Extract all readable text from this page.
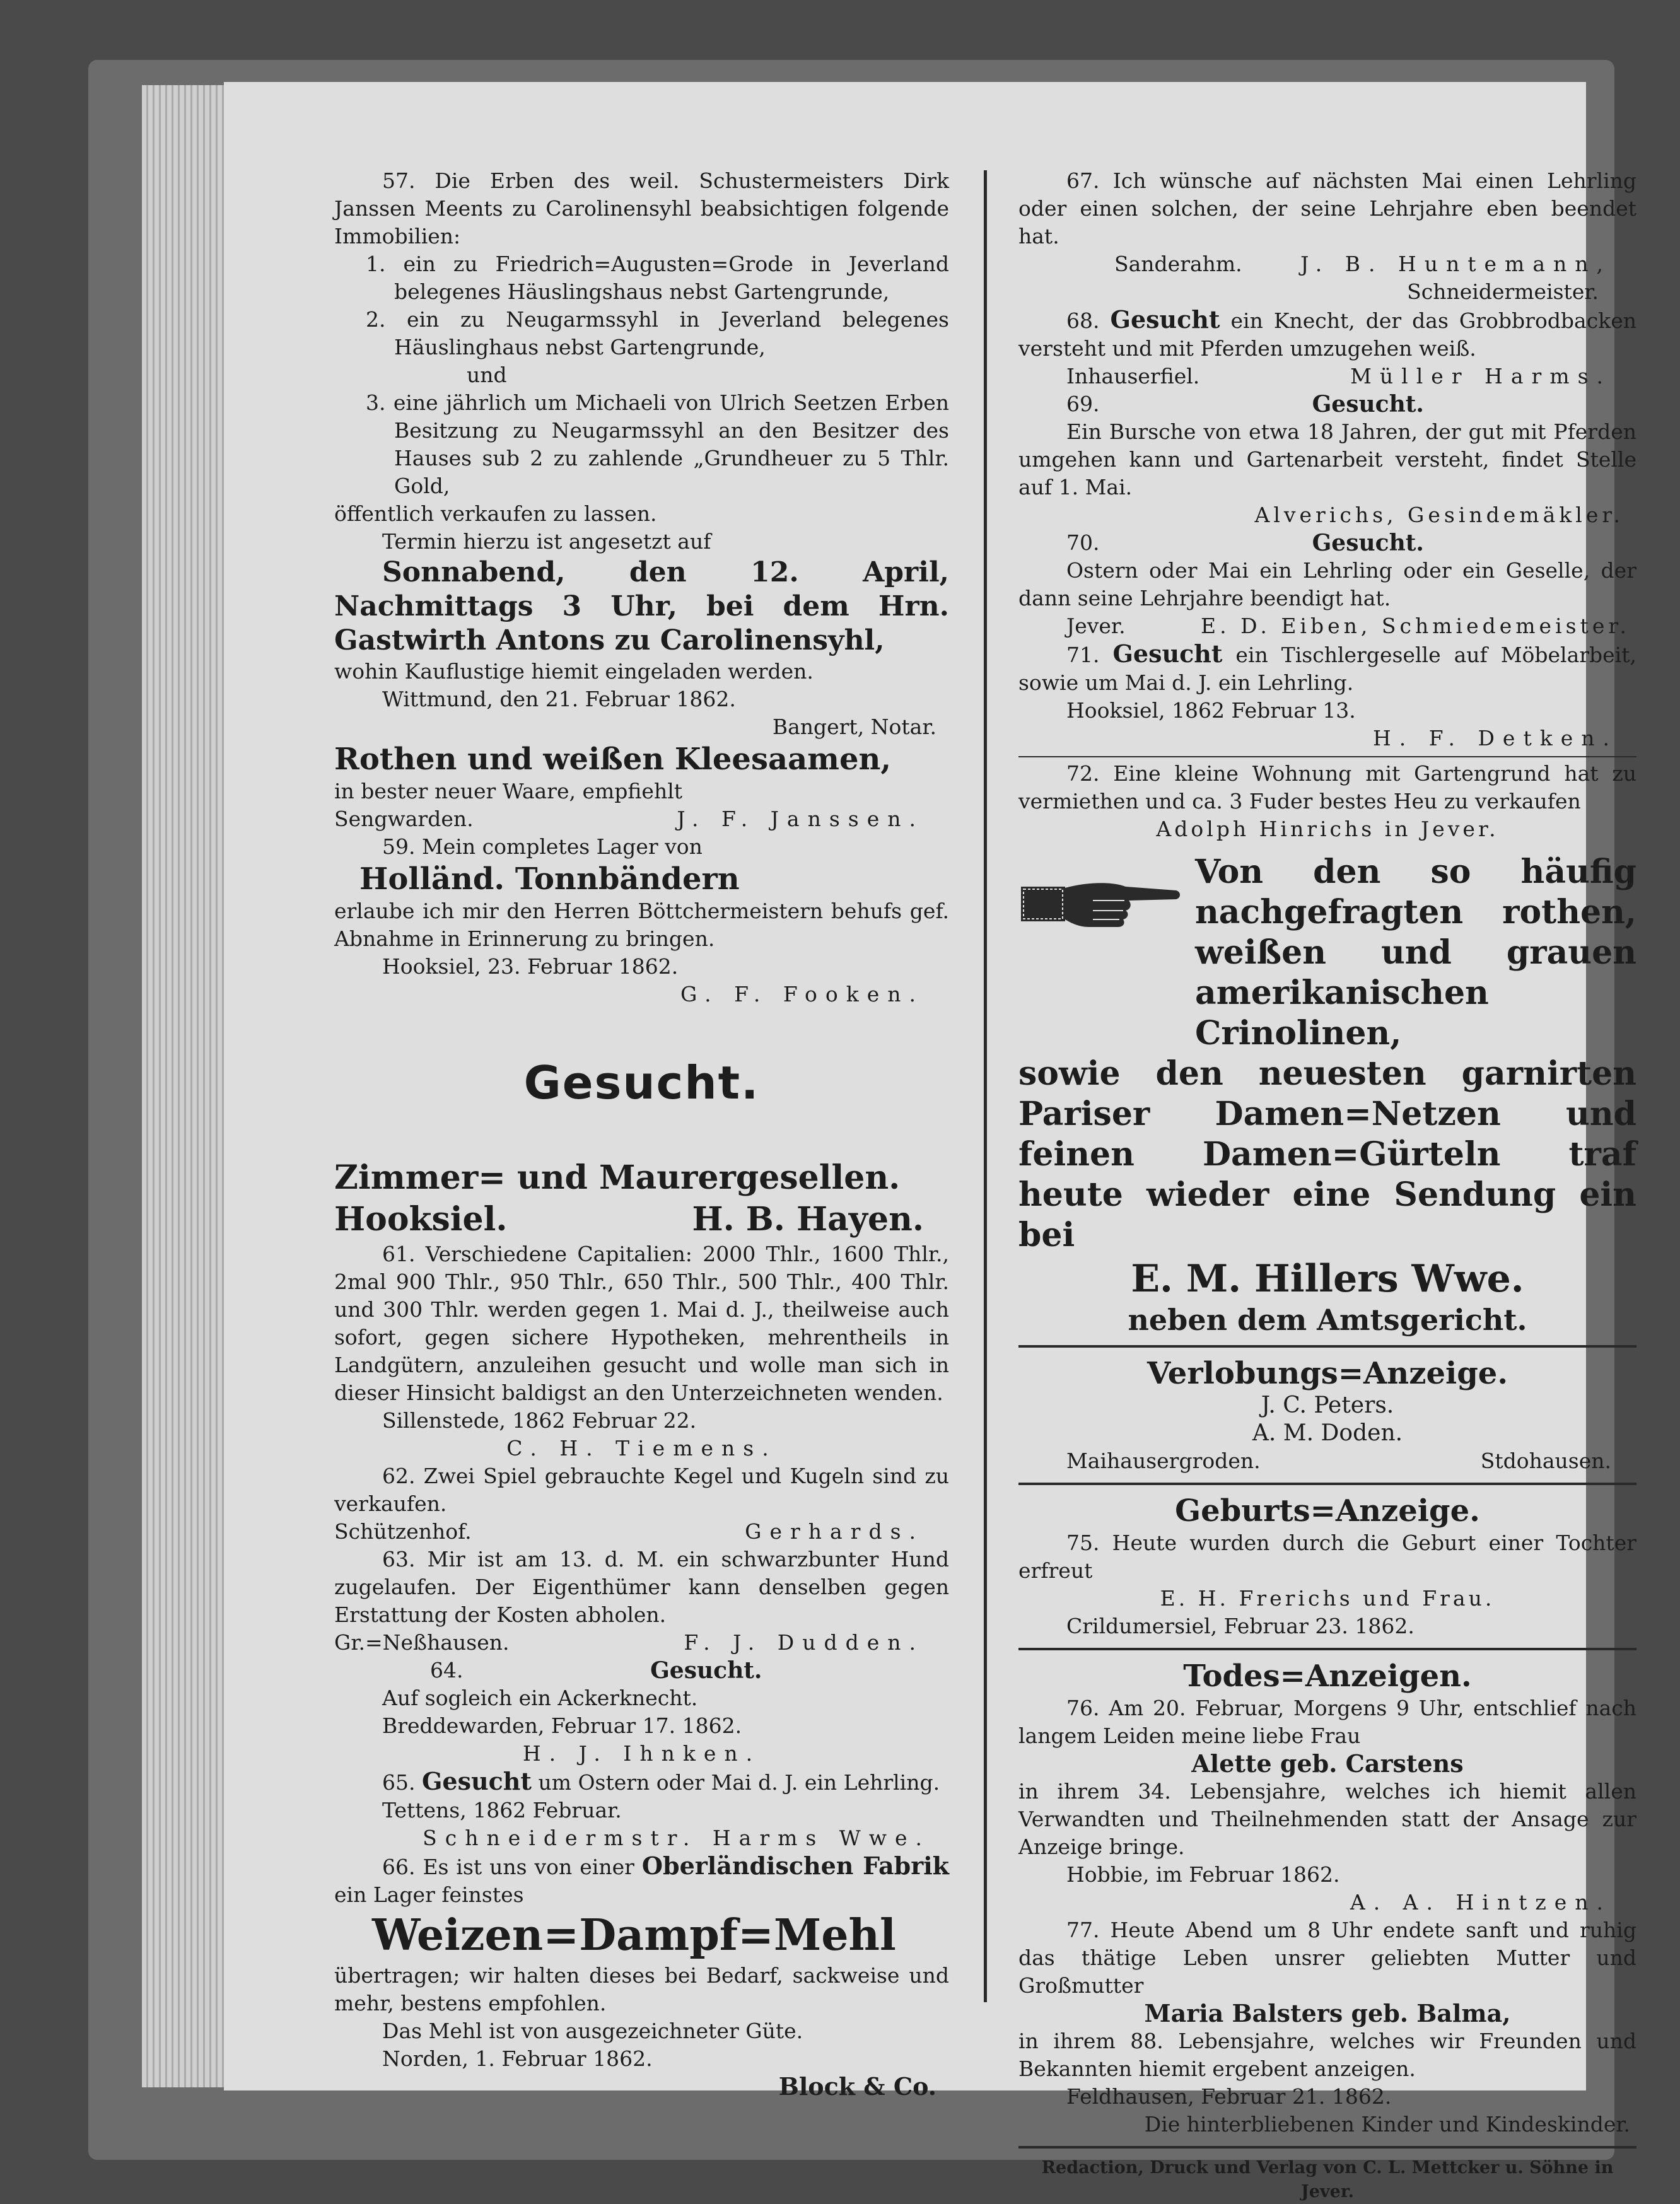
57. Die Erben des weil. Schustermeisters Dirk Janssen Meents zu Carolinensyhl beabsichtigen folgende Immobilien:

1. ein zu Friedrich=Augusten=Grode in Jeverland belegenes Häuslingshaus nebst Gartengrunde,

2. ein zu Neugarmssyhl in Jeverland belegenes Häuslinghaus nebst Gartengrunde,

und

3. eine jährlich um Michaeli von Ulrich Seetzen Erben Besitzung zu Neugarmssyhl an den Besitzer des Hauses sub 2 zu zahlende „Grundheuer zu 5 Thlr. Gold,

öffentlich verkaufen zu lassen.

Termin hierzu ist angesetzt auf

Sonnabend, den 12. April, Nachmittags 3 Uhr, bei dem Hrn. Gastwirth Antons zu Carolinensyhl,

wohin Kauflustige hiemit eingeladen werden.

Wittmund, den 21. Februar 1862.

Bangert, Notar.

Rothen und weißen Kleesaamen,

in bester neuer Waare, empfiehlt

Sengwarden.	J. F. Janssen.

59. Mein completes Lager von

Holländ. Tonnbändern

erlaube ich mir den Herren Böttchermeistern behufs gef. Abnahme in Erinnerung zu bringen.

Hooksiel, 23. Februar 1862.

G. F. Fooken.

Gesucht.

Zimmer= und Maurergesellen.

Hooksiel.	H. B. Hayen.

61. Verschiedene Capitalien: 2000 Thlr., 1600 Thlr., 2mal 900 Thlr., 950 Thlr., 650 Thlr., 500 Thlr., 400 Thlr. und 300 Thlr. werden gegen 1. Mai d. J., theilweise auch sofort, gegen sichere Hypotheken, mehrentheils in Landgütern, anzuleihen gesucht und wolle man sich in dieser Hinsicht baldigst an den Unterzeichneten wenden.

Sillenstede, 1862 Februar 22.

C. H. Tiemens.

62. Zwei Spiel gebrauchte Kegel und Kugeln sind zu verkaufen.

Schützenhof.	Gerhards.

63. Mir ist am 13. d. M. ein schwarzbunter Hund zugelaufen. Der Eigenthümer kann denselben gegen Erstattung der Kosten abholen.

Gr.=Neßhausen.	F. J. Dudden.
64.	Gesucht.

Auf sogleich ein Ackerknecht.

Breddewarden, Februar 17. 1862.

H. J. Ihnken.

65. Gesucht um Ostern oder Mai d. J. ein Lehrling.

Tettens, 1862 Februar.

Schneidermstr. Harms Wwe.

66. Es ist uns von einer Oberländischen Fabrik ein Lager feinstes

Weizen=Dampf=Mehl

übertragen; wir halten dieses bei Bedarf, sackweise und mehr, bestens empfohlen.

Das Mehl ist von ausgezeichneter Güte.

Norden, 1. Februar 1862.

Block & Co.

67. Ich wünsche auf nächsten Mai einen Lehrling oder einen solchen, der seine Lehrjahre eben beendet hat.

Sanderahm.	J. B. Huntemann,

Schneidermeister.

68. Gesucht ein Knecht, der das Grobbrodbacken versteht und mit Pferden umzugehen weiß.

Inhauserfiel.	Müller Harms.
69.	Gesucht.

Ein Bursche von etwa 18 Jahren, der gut mit Pferden umgehen kann und Gartenarbeit versteht, findet Stelle auf 1. Mai.

Alverichs, Gesindemäkler.

70.	Gesucht.

Ostern oder Mai ein Lehrling oder ein Geselle, der dann seine Lehrjahre beendigt hat.

Jever.	E. D. Eiben, Schmiedemeister.

71. Gesucht ein Tischlergeselle auf Möbelarbeit, sowie um Mai d. J. ein Lehrling.

Hooksiel, 1862 Februar 13.

H. F. Detken.

72. Eine kleine Wohnung mit Gartengrund hat zu vermiethen und ca. 3 Fuder bestes Heu zu verkaufen

Adolph Hinrichs in Jever.

Von den so häufig nachgefragten rothen, weißen und grauen amerikanischen Crinolinen,

sowie den neuesten garnirten Pariser Damen=Netzen und feinen Damen=Gürteln traf heute wieder eine Sendung ein bei

E. M. Hillers Wwe.

neben dem Amtsgericht.

Verlobungs=Anzeige.

J. C. Peters.

A. M. Doden.

Maihausergroden.	Stdohausen.

Geburts=Anzeige.

75. Heute wurden durch die Geburt einer Tochter erfreut

E. H. Frerichs und Frau.

Crildumersiel, Februar 23. 1862.

Todes=Anzeigen.

76. Am 20. Februar, Morgens 9 Uhr, entschlief nach langem Leiden meine liebe Frau

Alette geb. Carstens

in ihrem 34. Lebensjahre, welches ich hiemit allen Verwandten und Theilnehmenden statt der Ansage zur Anzeige bringe.

Hobbie, im Februar 1862.

A. A. Hintzen.

77. Heute Abend um 8 Uhr endete sanft und ruhig das thätige Leben unsrer geliebten Mutter und Großmutter

Maria Balsters geb. Balma,

in ihrem 88. Lebensjahre, welches wir Freunden und Bekannten hiemit ergebent anzeigen.

Feldhausen, Februar 21. 1862.

Die hinterbliebenen Kinder und Kindeskinder.

Redaction, Druck und Verlag von C. L. Mettcker u. Söhne in Jever.
